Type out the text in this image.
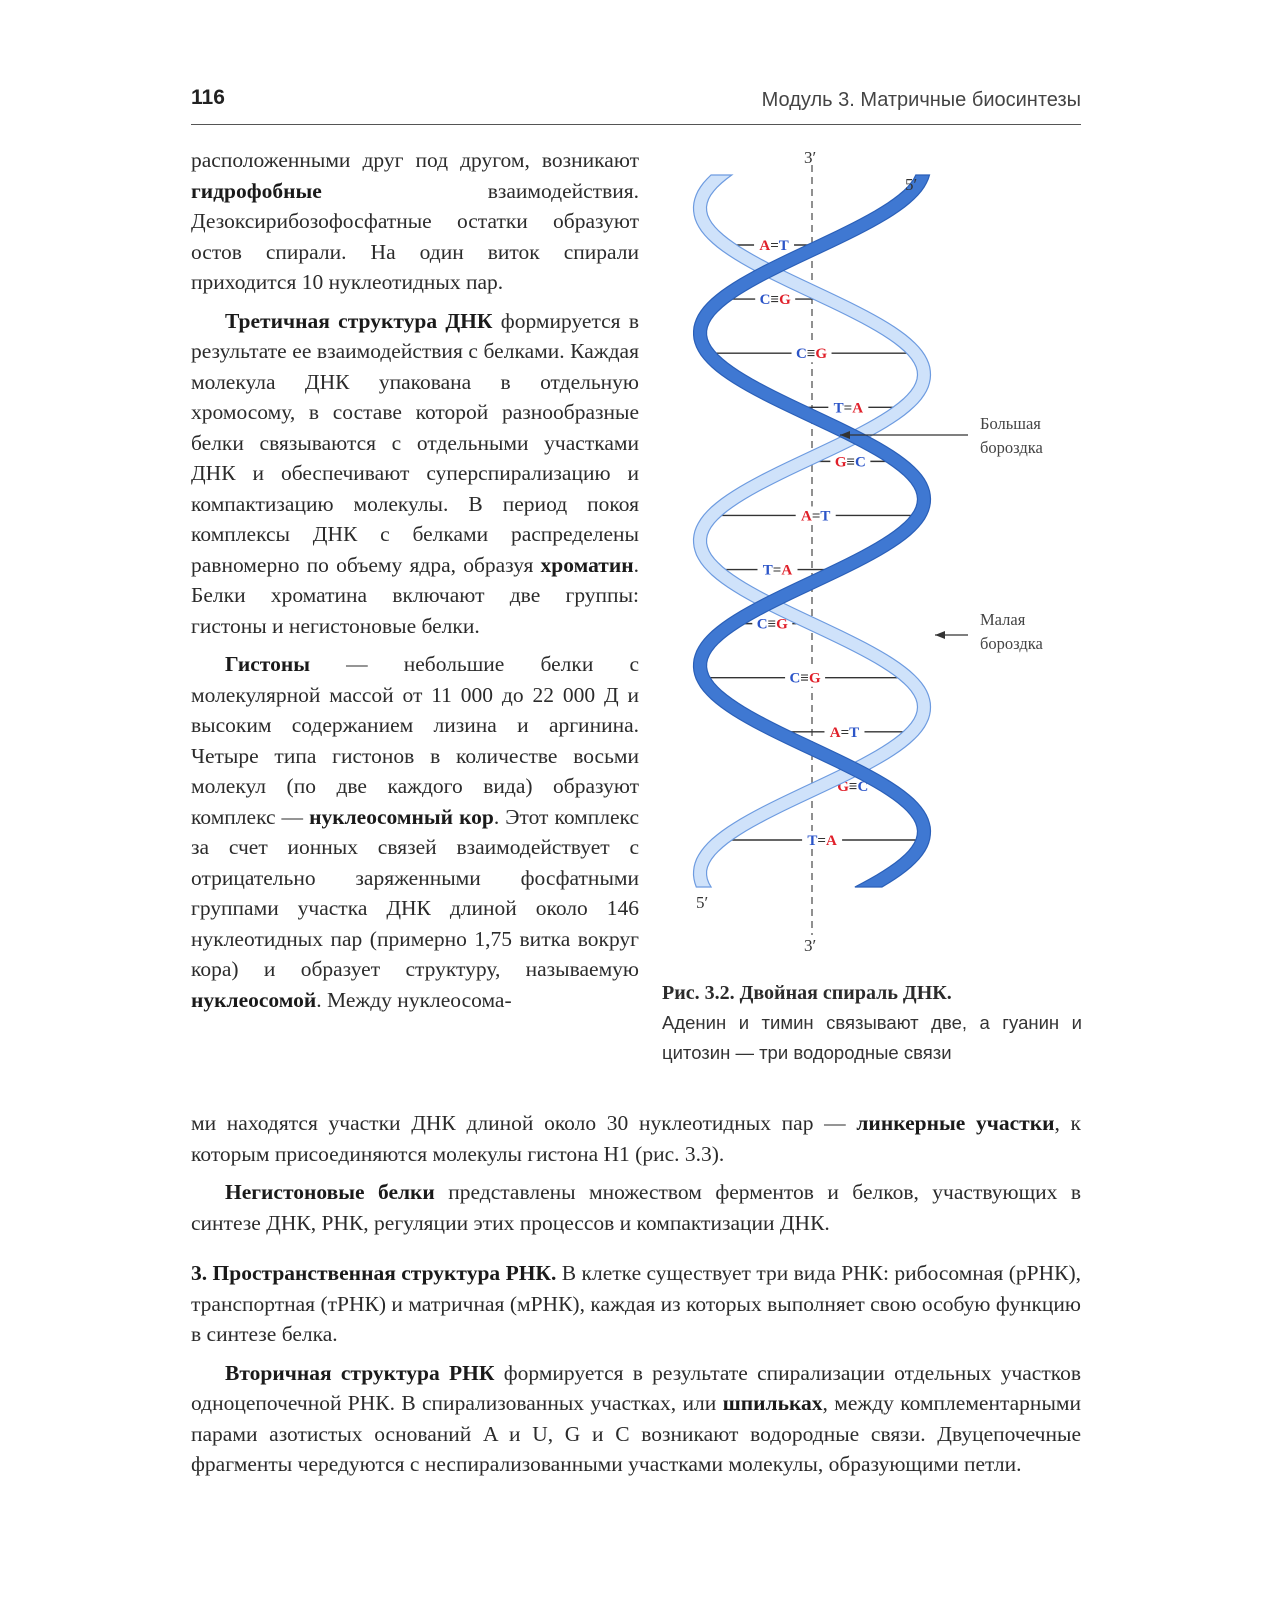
116	Модуль 3. Матричные биосинтезы

расположенными друг под другом, возникают гидрофобные взаимодействия. Дезоксирибозофосфатные остатки образуют остов спирали. На один виток спирали приходится 10 нуклеотидных пар.

Третичная структура ДНК формируется в результате ее взаимодействия с белками. Каждая молекула ДНК упакована в отдельную хромосому, в составе которой разнообразные белки связываются с отдельными участками ДНК и обеспечивают суперспирализацию и компактизацию молекулы. В период покоя комплексы ДНК с белками распределены равномерно по объему ядра, образуя хроматин. Белки хроматина включают две группы: гистоны и негистоновые белки.

Гистоны — небольшие белки с молекулярной массой от 11 000 до 22 000 Д и высоким содержанием лизина и аргинина. Четыре типа гистонов в количестве восьми молекул (по две каждого вида) образуют комплекс — нуклеосомный кор. Этот комплекс за счет ионных связей взаимодействует с отрицательно заряженными фосфатными группами участка ДНК длиной около 146 нуклеотидных пар (примерно 1,75 витка вокруг кора) и образует структуру, называемую нуклеосомой. Между нуклеосома-

A=T
C≡G
C≡G
T=A
G≡C
A=T
T=A
C≡G
C≡G
A=T
G≡C
T=A
3′
5′
5′
3′
Большая
бороздка
Малая
бороздка
Рис. 3.2. Двойная спираль ДНК.
Аденин и тимин связывают две, а гуанин и цитозин — три водородные связи

ми находятся участки ДНК длиной около 30 нуклеотидных пар — линкерные участки, к которым присоединяются молекулы гистона H1 (рис. 3.3).

Негистоновые белки представлены множеством ферментов и белков, участвующих в синтезе ДНК, РНК, регуляции этих процессов и компактизации ДНК.

3. Пространственная структура РНК. В клетке существует три вида РНК: рибосомная (рРНК), транспортная (тРНК) и матричная (мРНК), каждая из которых выполняет свою особую функцию в синтезе белка.

Вторичная структура РНК формируется в результате спирализации отдельных участков одноцепочечной РНК. В спирализованных участках, или шпильках, между комплементарными парами азотистых оснований A и U, G и C возникают водородные связи. Двуцепочечные фрагменты чередуются с неспирализованными участками молекулы, образующими петли.
